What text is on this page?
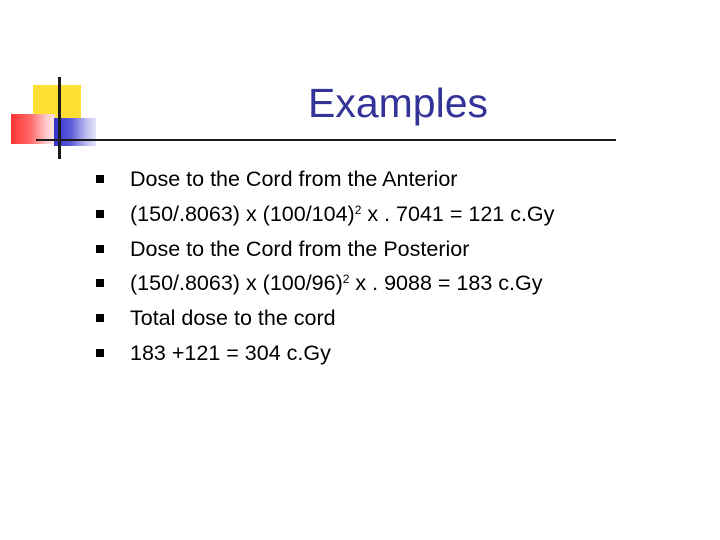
Examples
Dose to the Cord from the Anterior
(150/.8063) x $(100/104)^2$ x . 7041 = 121 c.Gy
Dose to the Cord from the Posterior
(150/.8063) x $(100/96)^2$ x . 9088 = 183 c.Gy
Total dose to the cord
183 +121 = 304 c.Gy
